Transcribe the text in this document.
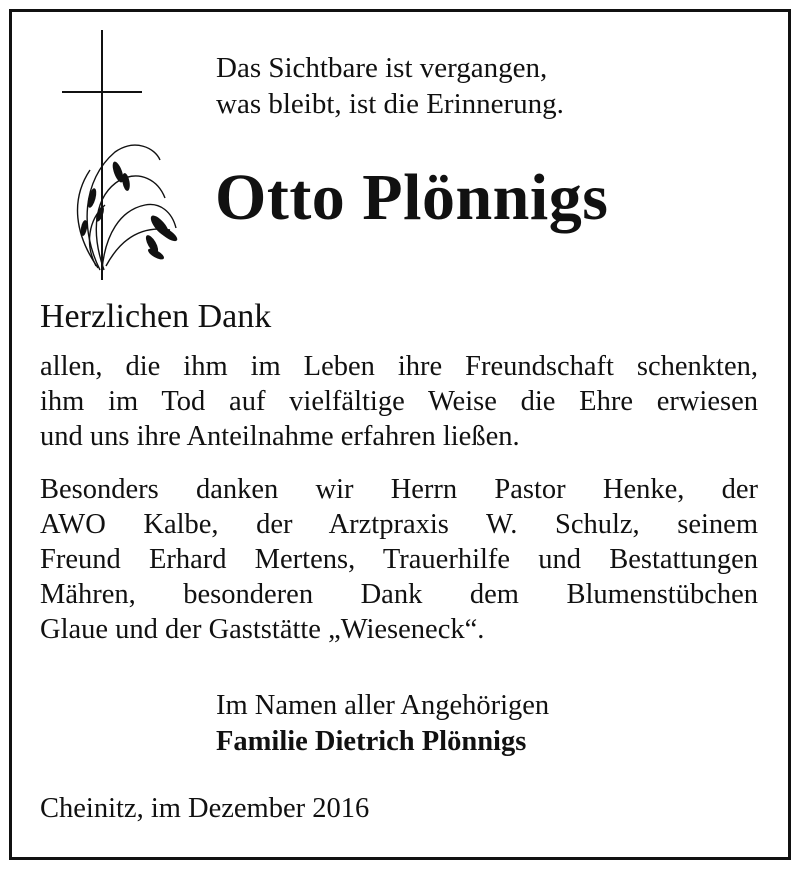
Das Sichtbare ist vergangen,
was bleibt, ist die Erinnerung.
Otto Plönnigs
Herzlichen Dank
allen, die ihm im Leben ihre Freundschaft schenkten,
ihm im Tod auf vielfältige Weise die Ehre erwiesen
und uns ihre Anteilnahme erfahren ließen.
Besonders danken wir Herrn Pastor Henke, der
AWO Kalbe, der Arztpraxis W. Schulz, seinem
Freund Erhard Mertens, Trauerhilfe und Bestattungen
Mähren, besonderen Dank dem Blumenstübchen
Glaue und der Gaststätte „Wieseneck“.
Im Namen aller Angehörigen
Familie Dietrich Plönnigs
Cheinitz, im Dezember 2016
